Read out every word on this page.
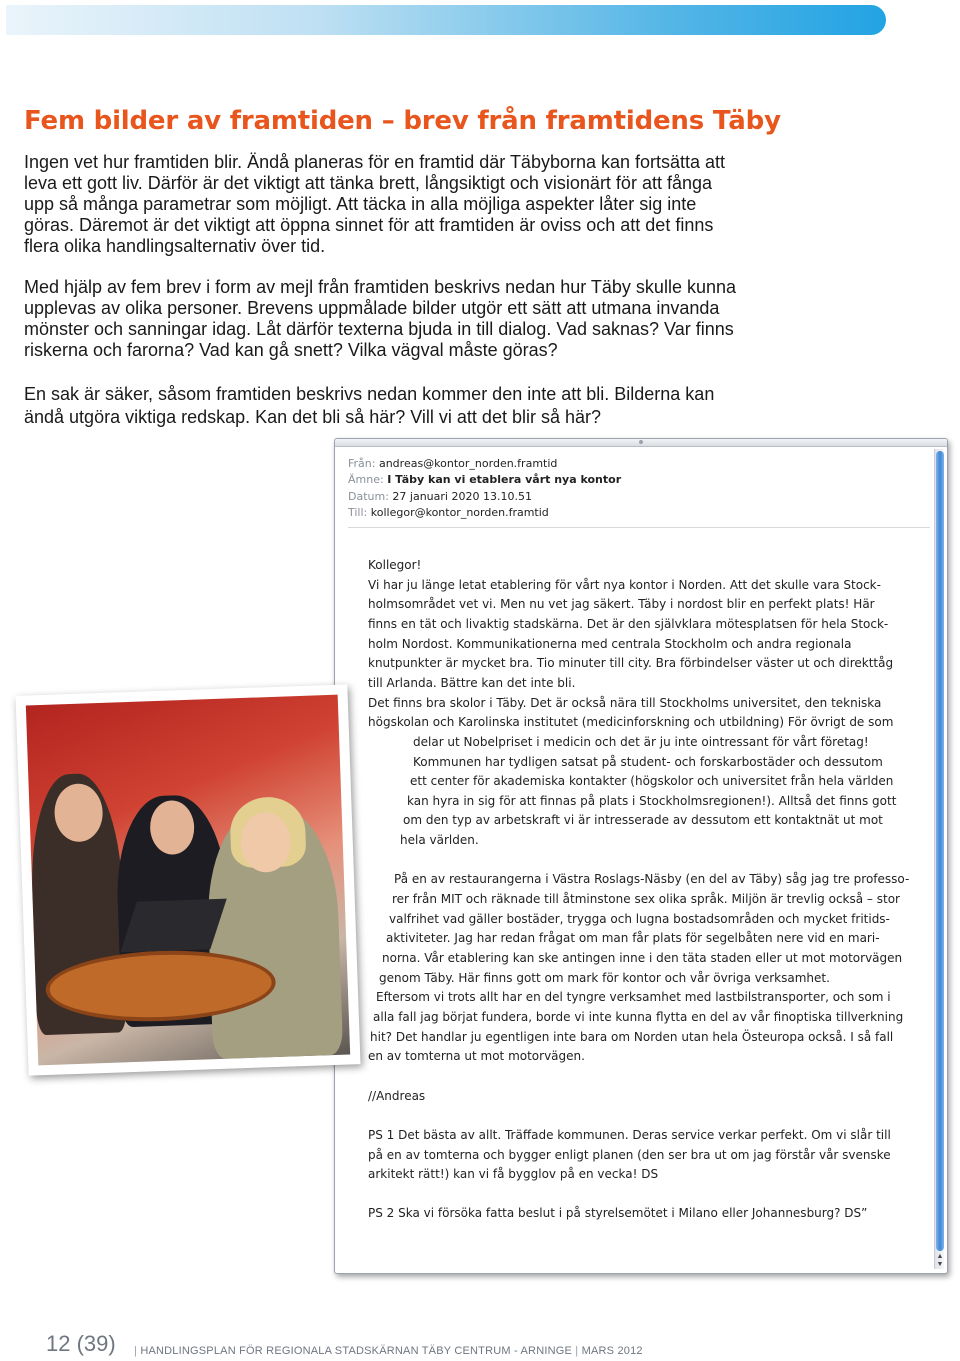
Fem bilder av framtiden – brev från framtidens Täby
Ingen vet hur framtiden blir. Ändå planeras för en framtid där Täbyborna kan fortsätta att
leva ett gott liv. Därför är det viktigt att tänka brett, långsiktigt och visionärt för att fånga
upp så många parametrar som möjligt. Att täcka in alla möjliga aspekter låter sig inte
göras. Däremot är det viktigt att öppna sinnet för att framtiden är oviss och att det finns
flera olika handlingsalternativ över tid.
Med hjälp av fem brev i form av mejl från framtiden beskrivs nedan hur Täby skulle kunna
upplevas av olika personer. Brevens uppmålade bilder utgör ett sätt att utmana invanda
mönster och sanningar idag. Låt därför texterna bjuda in till dialog. Vad saknas? Var finns
riskerna och farorna? Vad kan gå snett? Vilka vägval måste göras?
En sak är säker, såsom framtiden beskrivs nedan kommer den inte att bli. Bilderna kan
ändå utgöra viktiga redskap. Kan det bli så här? Vill vi att det blir så här?
Från: andreas@kontor_norden.framtid
Ämne: I Täby kan vi etablera vårt nya kontor
Datum: 27 januari 2020 13.10.51
Till: kollegor@kontor_norden.framtid
Kollegor!
Vi har ju länge letat etablering för vårt nya kontor i Norden. Att det skulle vara Stock-
holmsområdet vet vi. Men nu vet jag säkert. Täby i nordost blir en perfekt plats! Här
finns en tät och livaktig stadskärna. Det är den självklara mötesplatsen för hela Stock-
holm Nordost. Kommunikationerna med centrala Stockholm och andra regionala
knutpunkter är mycket bra. Tio minuter till city. Bra förbindelser väster ut och direkttåg
till Arlanda. Bättre kan det inte bli.
Det finns bra skolor i Täby. Det är också nära till Stockholms universitet, den tekniska
högskolan och Karolinska institutet (medicinforskning och utbildning) För övrigt de som
delar ut Nobelpriset i medicin och det är ju inte ointressant för vårt företag!
Kommunen har tydligen satsat på student- och forskarbostäder och dessutom
ett center för akademiska kontakter (högskolor och universitet från hela världen
kan hyra in sig för att finnas på plats i Stockholmsregionen!). Alltså det finns gott
om den typ av arbetskraft vi är intresserade av dessutom ett kontaktnät ut mot
hela världen.
På en av restaurangerna i Västra Roslags-Näsby (en del av Täby) såg jag tre professo-
rer från MIT och räknade till åtminstone sex olika språk. Miljön är trevlig också – stor
valfrihet vad gäller bostäder, trygga och lugna bostadsområden och mycket fritids-
aktiviteter. Jag har redan frågat om man får plats för segelbåten nere vid en mari-
norna. Vår etablering kan ske antingen inne i den täta staden eller ut mot motorvägen
genom Täby. Här finns gott om mark för kontor och vår övriga verksamhet.
Eftersom vi trots allt har en del tyngre verksamhet med lastbilstransporter, och som i
alla fall jag börjat fundera, borde vi inte kunna flytta en del av vår finoptiska tillverkning
hit? Det handlar ju egentligen inte bara om Norden utan hela Östeuropa också. I så fall
en av tomterna ut mot motorvägen.
//Andreas
PS 1 Det bästa av allt. Träffade kommunen. Deras service verkar perfekt. Om vi slår till
på en av tomterna och bygger enligt planen (den ser bra ut om jag förstår vår svenske
arkitekt rätt!) kan vi få bygglov på en vecka! DS
PS 2 Ska vi försöka fatta beslut i på styrelsemötet i Milano eller Johannesburg? DS”
▲
▼
12 (39) | HANDLINGSPLAN FÖR REGIONALA STADSKÄRNAN TÄBY CENTRUM - ARNINGE | MARS 2012
